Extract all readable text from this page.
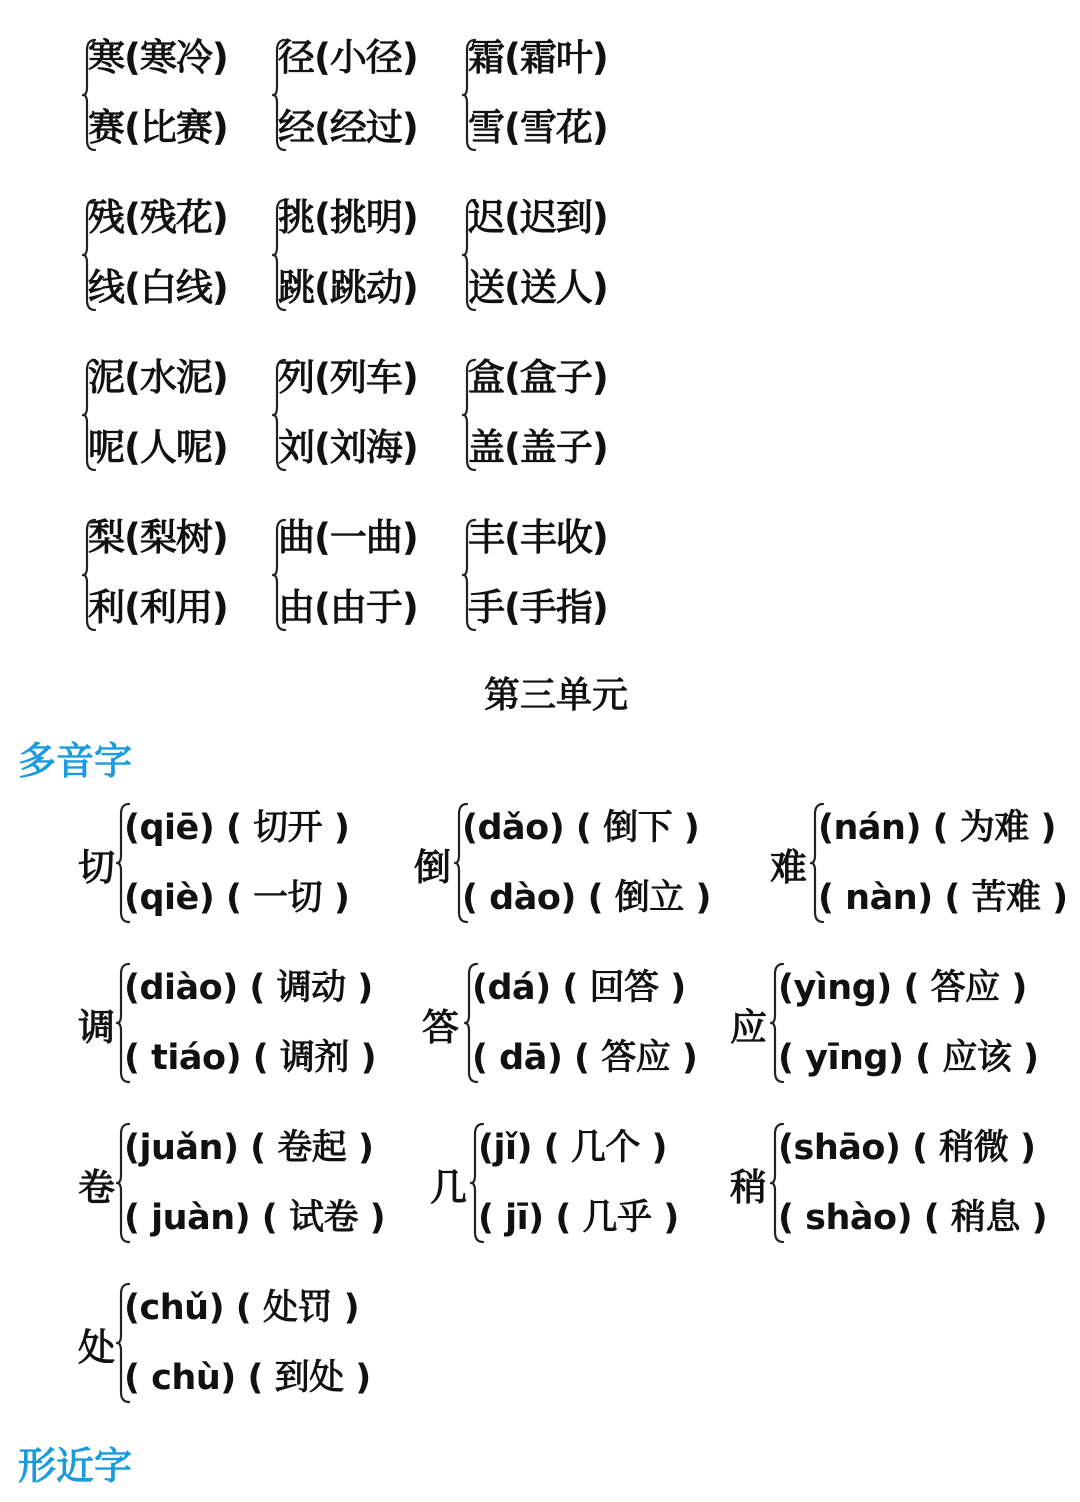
寒(寒冷)
赛(比赛)
径(小径)
经(经过)
霜(霜叶)
雪(雪花)
残(残花)
线(白线)
挑(挑明)
跳(跳动)
迟(迟到)
送(送人)
泥(水泥)
呢(人呢)
列(列车)
刘(刘海)
盒(盒子)
盖(盖子)
梨(梨树)
利(利用)
曲(一曲)
由(由于)
丰(丰收)
手(手指)
第三单元
多音字
切
(qiē) ( 切开 )
(qiè) ( 一切 )
倒
(dǎo) ( 倒下 )
( dào) ( 倒立 )
难
(nán) ( 为难 )
( nàn) ( 苦难 )
调
(diào) ( 调动 )
( tiáo) ( 调剂 )
答
(dá) ( 回答 )
( dā) ( 答应 )
应
(yìng) ( 答应 )
( yīng) ( 应该 )
卷
(juǎn) ( 卷起 )
( juàn) ( 试卷 )
几
(jǐ) ( 几个 )
( jī) ( 几乎 )
稍
(shāo) ( 稍微 )
( shào) ( 稍息 )
处
(chǔ) ( 处罚 )
( chù) ( 到处 )
形近字
